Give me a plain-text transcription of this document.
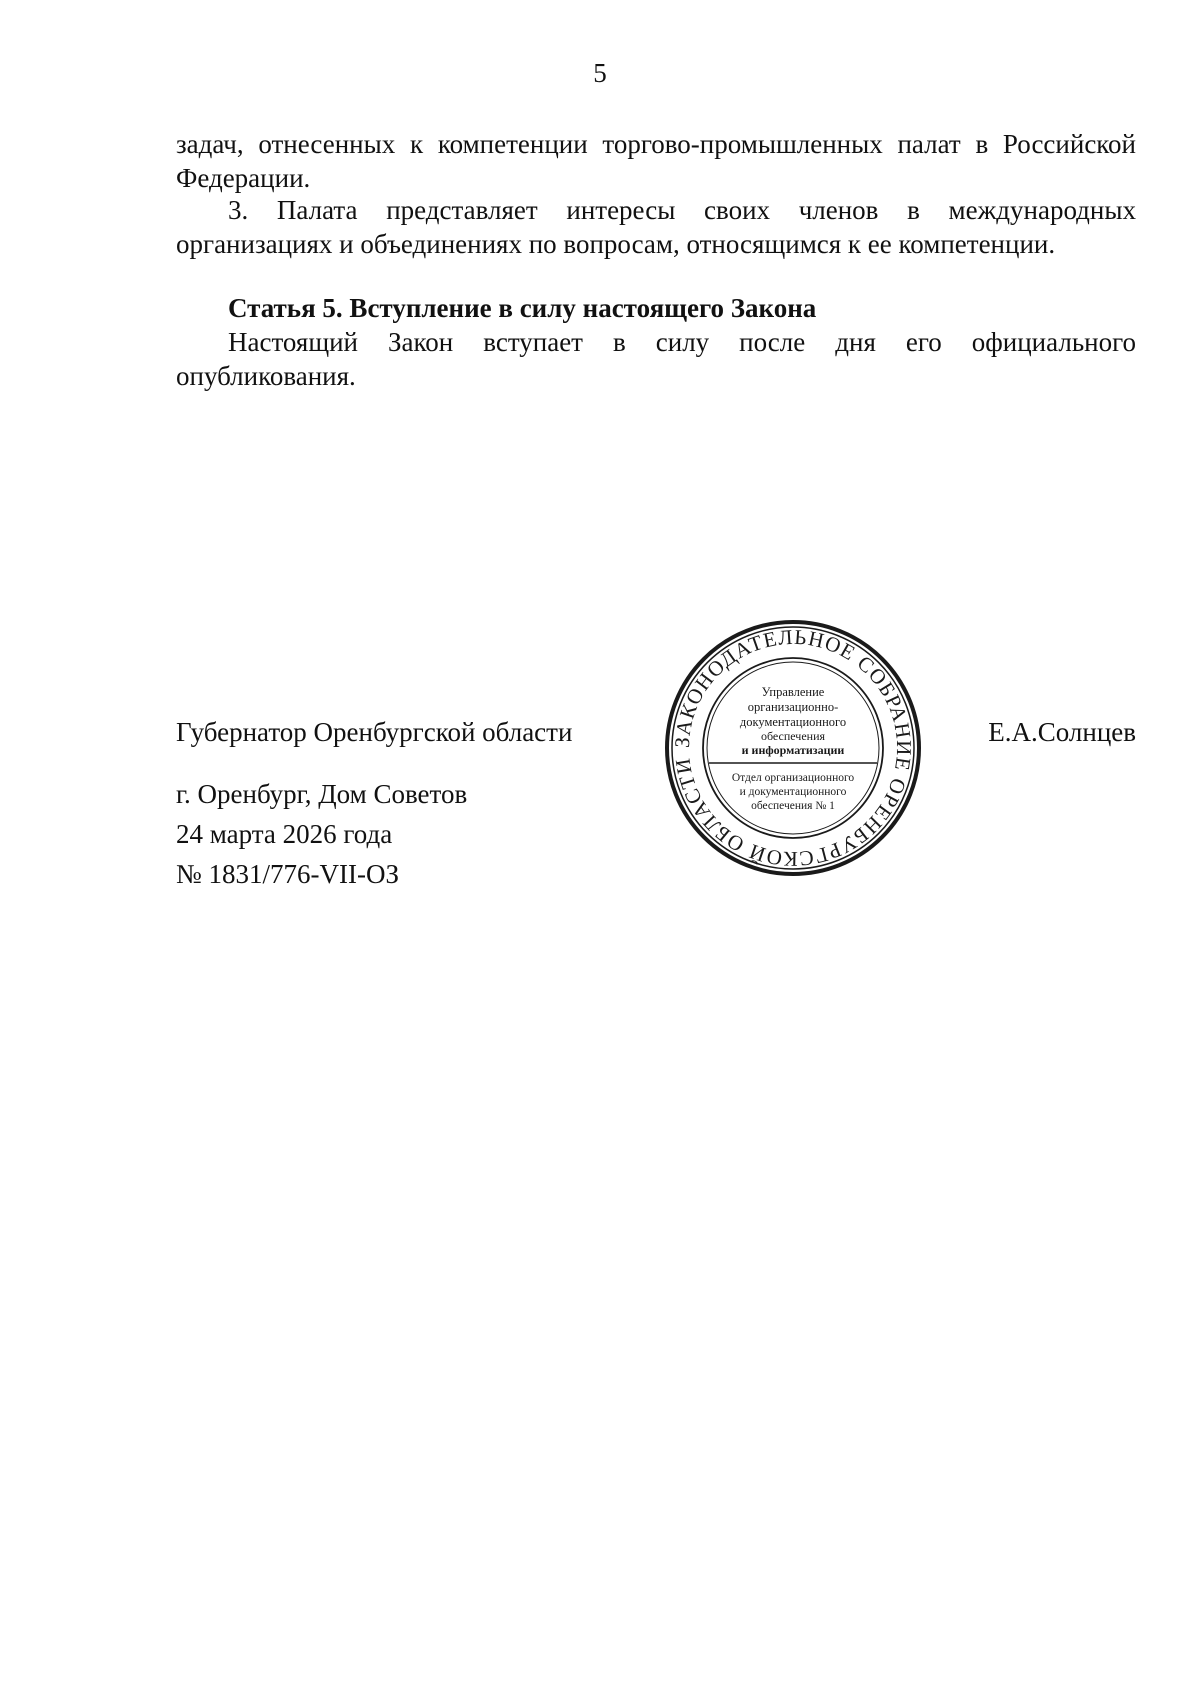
5

задач, отнесенных к компетенции торгово-промышленных палат в Российской Федерации.

3. Палата представляет интересы своих членов в международных организациях и объединениях по вопросам, относящимся к ее компетенции.

Статья 5. Вступление в силу настоящего Закона

Настоящий Закон вступает в силу после дня его официального опубликования.

Губернатор Оренбургской области	Е.А.Солнцев
г. Оренбург, Дом Советов
24 марта 2026 года
№ 1831/776-VII-ОЗ
ЗАКОНОДАТЕЛЬНОЕ СОБРАНИЕ ОРЕНБУРГСКОЙ ОБЛАСТИ
Управление
организационно-
документационного
обеспечения
и информатизации
Отдел организационного
и документационного
обеспечения № 1
